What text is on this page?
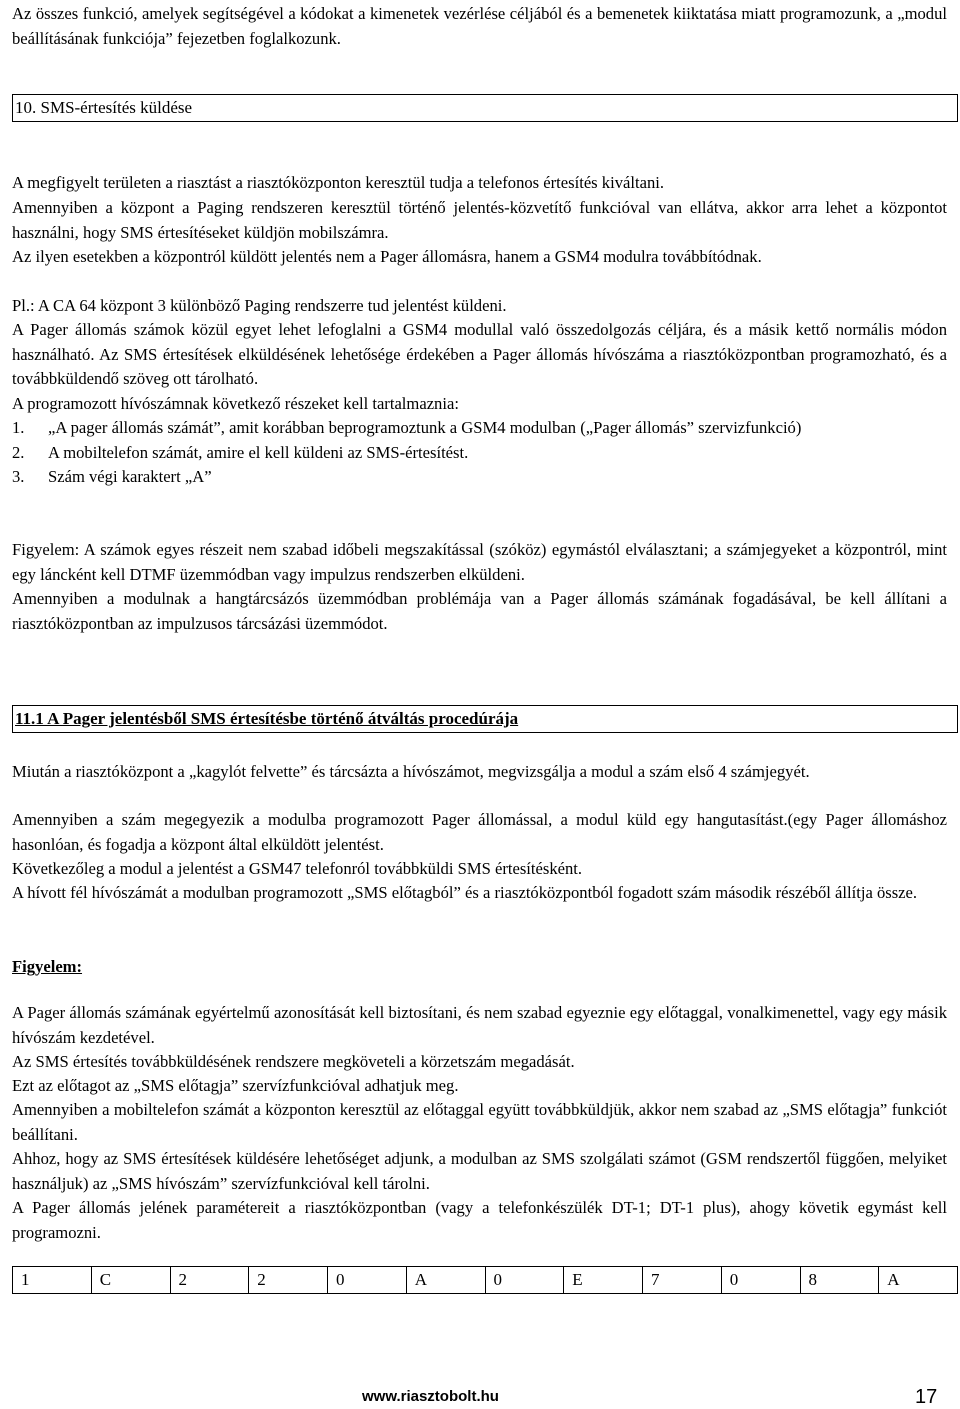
Az összes funkció, amelyek segítségével a kódokat a kimenetek vezérlése céljából és a bemenetek kiiktatása miatt programozunk, a „modul beállításának funkciója” fejezetben foglalkozunk.

10. SMS-értesítés küldése

A megfigyelt területen a riasztást a riasztóközponton keresztül tudja a telefonos értesítés kiváltani.

Amennyiben a központ a Paging rendszeren keresztül történő jelentés-közvetítő funkcióval van ellátva, akkor arra lehet a központot használni, hogy SMS értesítéseket küldjön mobilszámra.

Az ilyen esetekben a központról küldött jelentés nem a Pager állomásra, hanem a GSM4 modulra továbbítódnak.

Pl.: A CA 64 központ 3 különböző Paging rendszerre tud jelentést küldeni.

A Pager állomás számok közül egyet lehet lefoglalni a GSM4 modullal való összedolgozás céljára, és a másik kettő normális módon használható. Az SMS értesítések elküldésének lehetősége érdekében a Pager állomás hívószáma a riasztóközpontban programozható, és a továbbküldendő szöveg ott tárolható.

A programozott hívószámnak következő részeket kell tartalmaznia:

1. „A pager állomás számát”, amit korábban beprogramoztunk a GSM4 modulban („Pager állomás” szervizfunkció)

2. A mobiltelefon számát, amire el kell küldeni az SMS-értesítést.

3. Szám végi karaktert „A”

Figyelem: A számok egyes részeit nem szabad időbeli megszakítással (szóköz) egymástól elválasztani; a számjegyeket a központról, mint egy láncként kell DTMF üzemmódban vagy impulzus rendszerben elküldeni.

Amennyiben a modulnak a hangtárcsázós üzemmódban problémája van a Pager állomás számának fogadásával, be kell állítani a riasztóközpontban az impulzusos tárcsázási üzemmódot.

11.1 A Pager jelentésből SMS értesítésbe történő átváltás procedúrája

Miután a riasztóközpont a „kagylót felvette” és tárcsázta a hívószámot, megvizsgálja a modul a szám első 4 számjegyét.

Amennyiben a szám megegyezik a modulba programozott Pager állomással, a modul küld egy hangutasítást.(egy Pager állomáshoz hasonlóan, és fogadja a központ által elküldött jelentést.

Következőleg a modul a jelentést a GSM47 telefonról továbbküldi SMS értesítésként.

A hívott fél hívószámát a modulban programozott „SMS előtagból” és a riasztóközpontból fogadott szám második részéből állítja össze.

Figyelem:

A Pager állomás számának egyértelmű azonosítását kell biztosítani, és nem szabad egyeznie egy előtaggal, vonalkimenettel, vagy egy másik hívószám kezdetével.

Az SMS értesítés továbbküldésének rendszere megköveteli a körzetszám megadását.

Ezt az előtagot az „SMS előtagja” szervízfunkcióval adhatjuk meg.

Amennyiben a mobiltelefon számát a központon keresztül az előtaggal együtt továbbküldjük, akkor nem szabad az „SMS előtagja” funkciót beállítani.

Ahhoz, hogy az SMS értesítések küldésére lehetőséget adjunk, a modulban az SMS szolgálati számot (GSM rendszertől függően, melyiket használjuk) az „SMS hívószám” szervízfunkcióval kell tárolni.

A Pager állomás jelének paramétereit a riasztóközpontban (vagy a telefonkészülék DT-1; DT-1 plus), ahogy követik egymást kell programozni.

1	C	2	2	0	A	0	E	7	0	8	A
www.riasztobolt.hu	17
